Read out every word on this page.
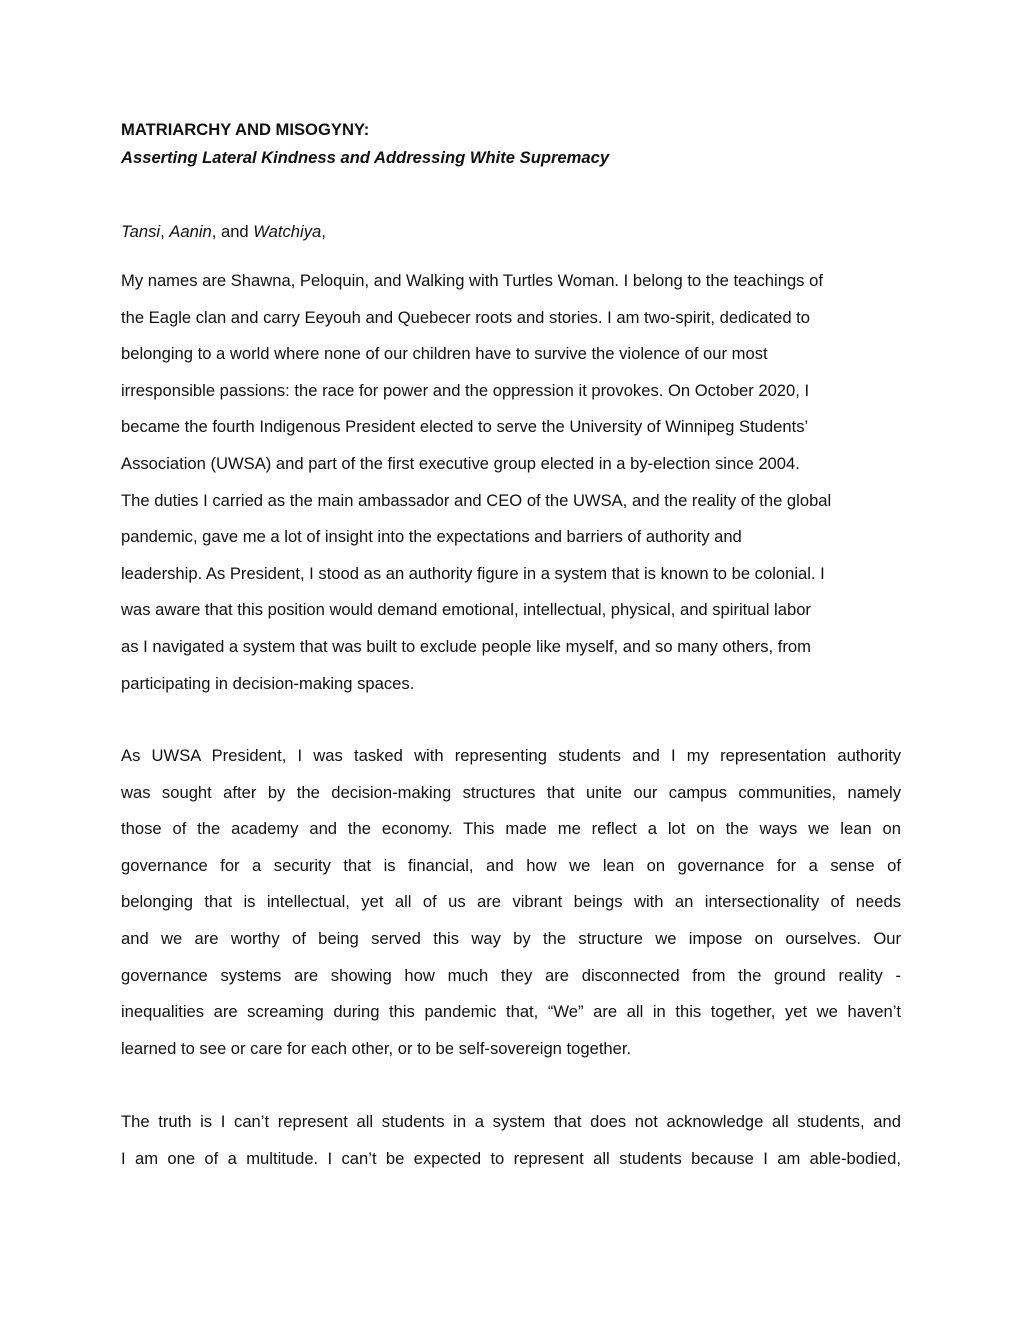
MATRIARCHY AND MISOGYNY:
Asserting Lateral Kindness and Addressing White Supremacy
Tansi, Aanin, and Watchiya,
My names are Shawna, Peloquin, and Walking with Turtles Woman. I belong to the teachings of
the Eagle clan and carry Eeyouh and Quebecer roots and stories. I am two-spirit, dedicated to
belonging to a world where none of our children have to survive the violence of our most
irresponsible passions: the race for power and the oppression it provokes. On October 2020, I
became the fourth Indigenous President elected to serve the University of Winnipeg Students’
Association (UWSA) and part of the first executive group elected in a by-election since 2004.
The duties I carried as the main ambassador and CEO of the UWSA, and the reality of the global
pandemic, gave me a lot of insight into the expectations and barriers of authority and
leadership. As President, I stood as an authority figure in a system that is known to be colonial. I
was aware that this position would demand emotional, intellectual, physical, and spiritual labor
as I navigated a system that was built to exclude people like myself, and so many others, from
participating in decision-making spaces.
As UWSA President, I was tasked with representing students and I my representation authority
was sought after by the decision-making structures that unite our campus communities, namely
those of the academy and the economy. This made me reflect a lot on the ways we lean on
governance for a security that is financial, and how we lean on governance for a sense of
belonging that is intellectual, yet all of us are vibrant beings with an intersectionality of needs
and we are worthy of being served this way by the structure we impose on ourselves. Our
governance systems are showing how much they are disconnected from the ground reality -
inequalities are screaming during this pandemic that, “We” are all in this together, yet we haven’t
learned to see or care for each other, or to be self-sovereign together.
The truth is I can’t represent all students in a system that does not acknowledge all students, and
I am one of a multitude. I can’t be expected to represent all students because I am able-bodied,
